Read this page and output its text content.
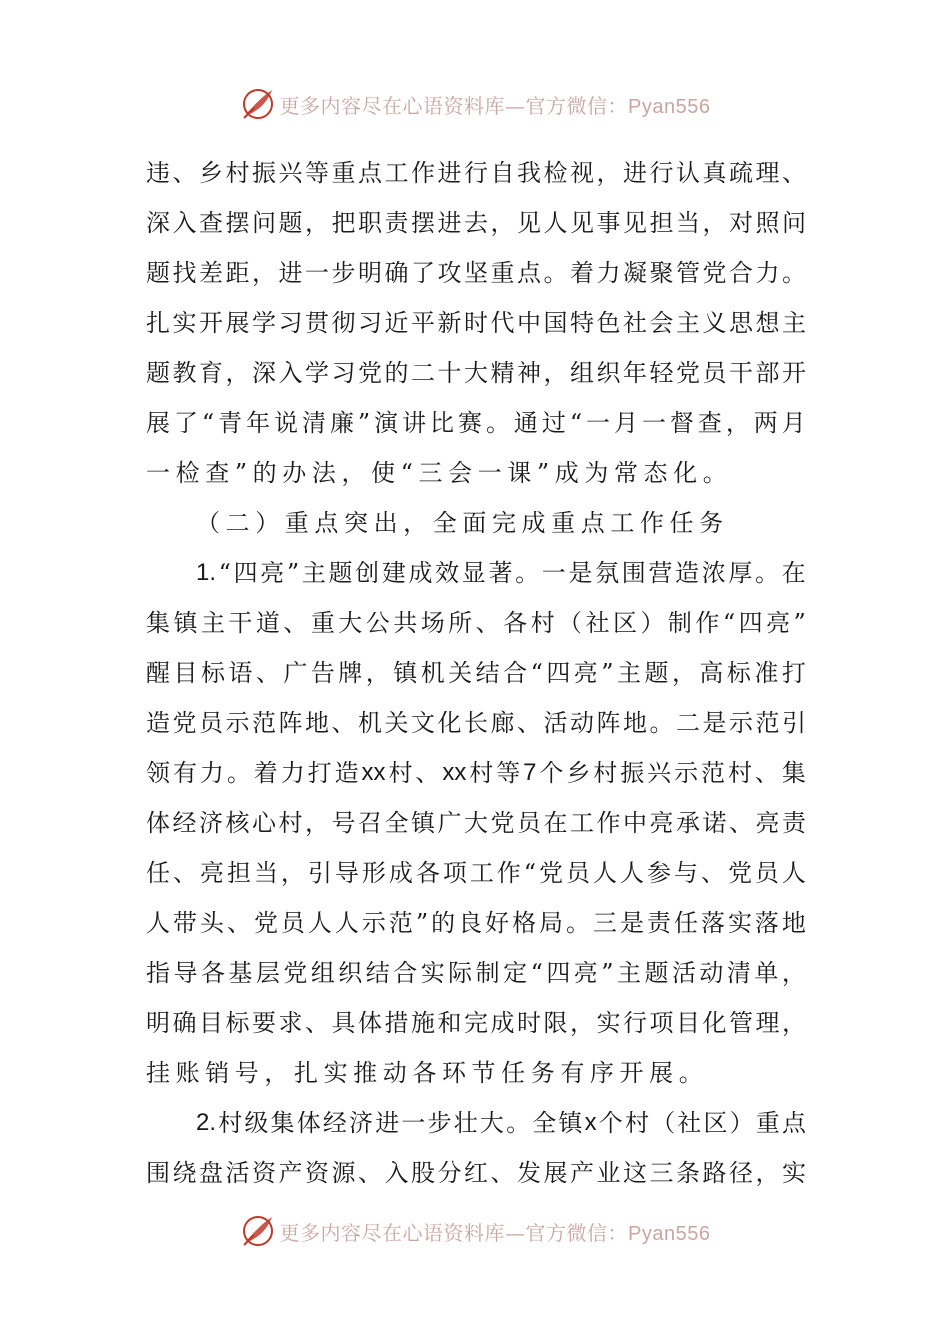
更多内容尽在心语资料库—官方微信：Pyan556
违 、 乡 村 振 兴 等 重 点 工 作 进 行 自 我 检 视 ， 进 行 认 真 疏 理 、
深 入 查 摆 问 题 ， 把 职 责 摆 进 去 ， 见 人 见 事 见 担 当 ， 对 照 问
题 找 差 距 ， 进 一 步 明 确 了 攻 坚 重 点 。 着 力 凝 聚 管 党 合 力 。
扎 实 开 展 学 习 贯 彻 习 近 平 新 时 代 中 国 特 色 社 会 主 义 思 想 主
题 教 育 ， 深 入 学 习 党 的 二 十 大 精 神 ， 组 织 年 轻 党 员 干 部 开
展 了 “ 青 年 说 清 廉 ” 演 讲 比 赛 。 通 过 “ 一 月 一 督 查 ， 两 月
一 检 查 ” 的 办 法 ， 使 “ 三 会 一 课 ” 成 为 常 态 化 。
（ 二 ） 重 点 突 出 ， 全 面 完 成 重 点 工 作 任 务
1. “ 四 亮 ” 主 题 创 建 成 效 显 著 。 一 是 氛 围 营 造 浓 厚 。 在
集 镇 主 干 道 、 重 大 公 共 场 所 、 各 村 （ 社 区 ） 制 作 “ 四 亮 ”
醒 目 标 语 、 广 告 牌 ， 镇 机 关 结 合 “ 四 亮 ” 主 题 ， 高 标 准 打
造 党 员 示 范 阵 地 、 机 关 文 化 长 廊 、 活 动 阵 地 。 二 是 示 范 引
领 有 力 。 着 力 打 造 xx 村 、 xx 村 等 7 个 乡 村 振 兴 示 范 村 、 集
体 经 济 核 心 村 ， 号 召 全 镇 广 大 党 员 在 工 作 中 亮 承 诺 、 亮 责
任 、 亮 担 当 ， 引 导 形 成 各 项 工 作 “ 党 员 人 人 参 与 、 党 员 人
人 带 头 、 党 员 人 人 示 范 ” 的 良 好 格 局 。 三 是 责 任 落 实 落 地
指 导 各 基 层 党 组 织 结 合 实 际 制 定 “ 四 亮 ” 主 题 活 动 清 单 ，
明 确 目 标 要 求 、 具 体 措 施 和 完 成 时 限 ， 实 行 项 目 化 管 理 ，
挂 账 销 号 ， 扎 实 推 动 各 环 节 任 务 有 序 开 展 。
2. 村 级 集 体 经 济 进 一 步 壮 大 。 全 镇 x 个 村 （ 社 区 ） 重 点
围 绕 盘 活 资 产 资 源 、 入 股 分 红 、 发 展 产 业 这 三 条 路 径 ， 实
更多内容尽在心语资料库—官方微信：Pyan556
